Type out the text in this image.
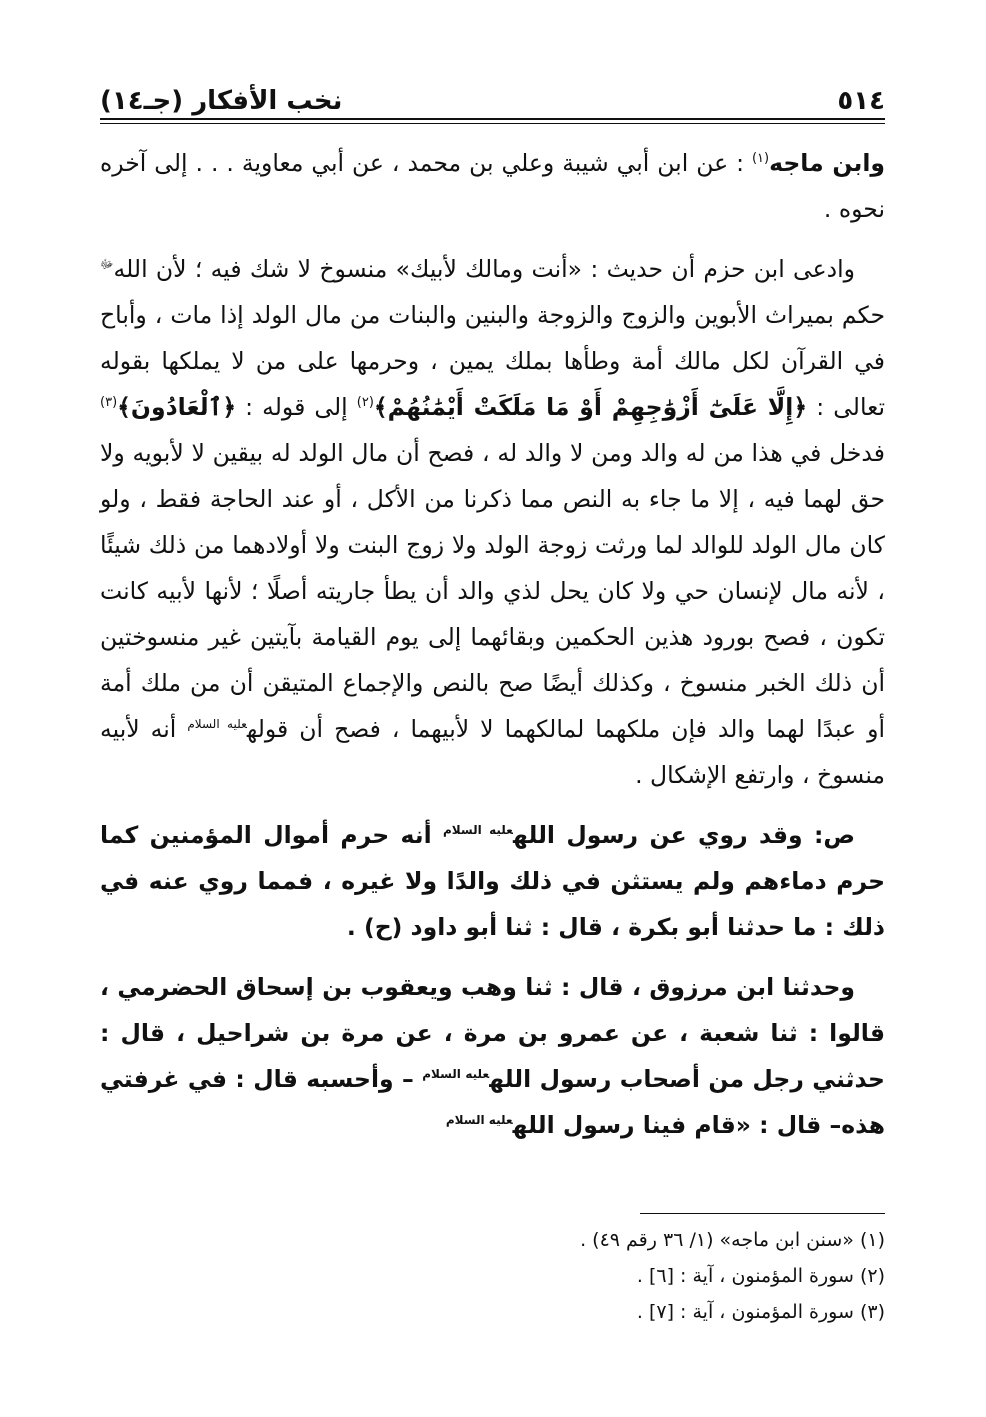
٥١٤
نخب الأفكار (جـ١٤)

وابن ماجه$^{(١)}$ : عن ابن أبي شيبة وعلي بن محمد ، عن أبي معاوية . . . إلى آخره نحوه .

وادعى ابن حزم أن حديث : «أنت ومالك لأبيك» منسوخ لا شك فيه ؛ لأن الله$^ﷻ$ حكم بميراث الأبوين والزوج والزوجة والبنين والبنات من مال الولد إذا مات ، وأباح في القرآن لكل مالك أمة وطأها بملك يمين ، وحرمها على من لا يملكها بقوله تعالى : ﴿إِلَّا عَلَىٰٓ أَزْوَٰجِهِمْ أَوْ مَا مَلَكَتْ أَيْمَٰنُهُمْ﴾$^{(٢)}$ إلى قوله : ﴿ٱلْعَادُونَ﴾$^{(٣)}$ فدخل في هذا من له والد ومن لا والد له ، فصح أن مال الولد له بيقين لا لأبويه ولا حق لهما فيه ، إلا ما جاء به النص مما ذكرنا من الأكل ، أو عند الحاجة فقط ، ولو كان مال الولد للوالد لما ورثت زوجة الولد ولا زوج البنت ولا أولادهما من ذلك شيئًا ، لأنه مال لإنسان حي ولا كان يحل لذي والد أن يطأ جاريته أصلًا ؛ لأنها لأبيه كانت تكون ، فصح بورود هذين الحكمين وبقائهما إلى يوم القيامة بآيتين غير منسوختين أن ذلك الخبر منسوخ ، وكذلك أيضًا صح بالنص والإجماع المتيقن أن من ملك أمة أو عبدًا لهما والد فإن ملكهما لمالكهما لا لأبيهما ، فصح أن قوله$^{عليه السلام}$ أنه لأبيه منسوخ ، وارتفع الإشكال .

ص: وقد روي عن رسول الله$^{عليه السلام}$ أنه حرم أموال المؤمنين كما حرم دماءهم ولم يستثن في ذلك والدًا ولا غيره ، فمما روي عنه في ذلك : ما حدثنا أبو بكرة ، قال : ثنا أبو داود (ح) .

وحدثنا ابن مرزوق ، قال : ثنا وهب ويعقوب بن إسحاق الحضرمي ، قالوا : ثنا شعبة ، عن عمرو بن مرة ، عن مرة بن شراحيل ، قال : حدثني رجل من أصحاب رسول الله$^{عليه السلام}$ – وأحسبه قال : في غرفتي هذه– قال : «قام فينا رسول الله$^{عليه السلام}$

(١) «سنن ابن ماجه» (١/ ٣٦ رقم ٤٩) .
(٢) سورة المؤمنون ، آية : [٦] .
(٣) سورة المؤمنون ، آية : [٧] .
